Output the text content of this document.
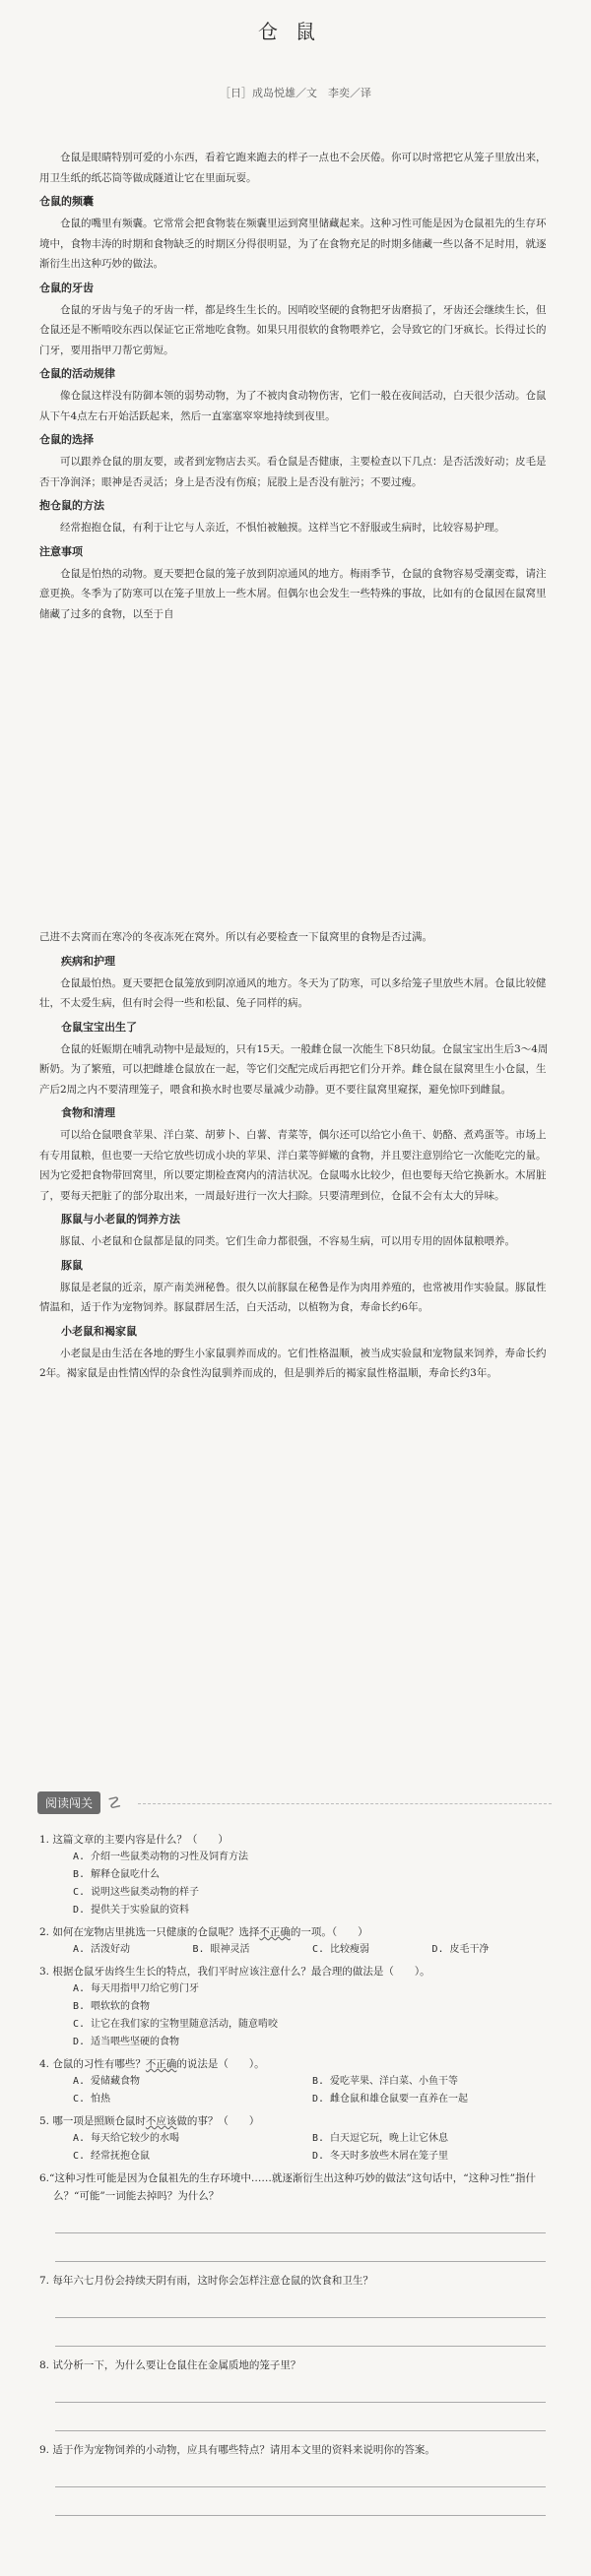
仓鼠
［日］成岛悦雄／文　李奕／译

仓鼠是眼睛特别可爱的小东西，看着它跑来跑去的样子一点也不会厌倦。你可以时常把它从笼子里放出来，用卫生纸的纸芯筒等做成隧道让它在里面玩耍。

仓鼠的频囊

仓鼠的嘴里有频囊。它常常会把食物装在频囊里运到窝里储藏起来。这种习性可能是因为仓鼠祖先的生存环境中，食物丰涛的时期和食物缺乏的时期区分得很明显，为了在食物充足的时期多储藏一些以备不足时用，就逐渐衍生出这种巧妙的做法。

仓鼠的牙齿

仓鼠的牙齿与兔子的牙齿一样，都是终生生长的。因哨咬坚硬的食物把牙齿磨损了，牙齿还会继续生长，但仓鼠还是不断啃咬东西以保证它正常地吃食物。如果只用很软的食物喂养它，会导致它的门牙疯长。长得过长的门牙，要用指甲刀帮它剪短。

仓鼠的活动规律

像仓鼠这样没有防御本领的弱势动物，为了不被肉食动物伤害，它们一般在夜间活动，白天很少活动。仓鼠从下午4点左右开始活跃起来，然后一直塞塞窣窣地持续到夜里。

仓鼠的选择

可以跟养仓鼠的朋友要，或者到宠物店去买。看仓鼠是否健康，主要检查以下几点：是否活泼好动；皮毛是否干净润泽；眼神是否灵活；身上是否没有伤痕；屁股上是否没有脏污；不要过瘦。

抱仓鼠的方法

经常抱抱仓鼠，有利于让它与人亲近，不惧怕被触摸。这样当它不舒服或生病时，比较容易护理。

注意事项

仓鼠是怕热的动物。夏天要把仓鼠的笼子放到阴凉通风的地方。梅雨季节，仓鼠的食物容易受潮变霉，请注意更换。冬季为了防寒可以在笼子里放上一些木屑。但偶尔也会发生一些特殊的事故，比如有的仓鼠因在鼠窝里储藏了过多的食物，以至于自

己进不去窝而在寒冷的冬夜冻死在窝外。所以有必要检查一下鼠窝里的食物是否过满。

疾病和护理

仓鼠最怕热。夏天要把仓鼠笼放到阴凉通风的地方。冬天为了防寒，可以多给笼子里放些木屑。仓鼠比较健壮，不太爱生病，但有时会得一些和松鼠、兔子同样的病。

仓鼠宝宝出生了

仓鼠的妊娠期在哺乳动物中是最短的，只有15天。一般雌仓鼠一次能生下8只幼鼠。仓鼠宝宝出生后3～4周断奶。为了繁殖，可以把雌雄仓鼠放在一起，等它们交配完成后再把它们分开养。雌仓鼠在鼠窝里生小仓鼠，生产后2周之内不要清理笼子，喂食和换水时也要尽量减少动静。更不要往鼠窝里窥探，避免惊吓到雌鼠。

食物和清理

可以给仓鼠喂食苹果、洋白菜、胡萝卜、白薯、青菜等，偶尔还可以给它小鱼干、奶酪、煮鸡蛋等。市场上有专用鼠粮，但也要一天给它放些切成小块的苹果、洋白菜等鲜嫩的食物，并且要注意别给它一次能吃完的量。因为它爱把食物带回窝里，所以要定期检查窝内的清洁状况。仓鼠喝水比较少，但也要每天给它换新水。木屑脏了，要每天把脏了的部分取出来，一周最好进行一次大扫除。只要清理到位，仓鼠不会有太大的异味。

豚鼠与小老鼠的饲养方法

豚鼠、小老鼠和仓鼠都是鼠的同类。它们生命力都很强，不容易生病，可以用专用的固体鼠粮喂养。

豚鼠

豚鼠是老鼠的近亲，原产南美洲秘鲁。很久以前豚鼠在秘鲁是作为肉用养殖的，也常被用作实验鼠。豚鼠性情温和，适于作为宠物饲养。豚鼠群居生活，白天活动，以植物为食，寿命长约6年。

小老鼠和褐家鼠

小老鼠是由生活在各地的野生小家鼠驯养而成的。它们性格温顺，被当成实验鼠和宠物鼠来饲养，寿命长约2年。褐家鼠是由性情凶悍的杂食性沟鼠驯养而成的，但是驯养后的褐家鼠性格温顺，寿命长约3年。

阅读闯关 ☡

1. 这篇文章的主要内容是什么？（　　）

A. 介绍一些鼠类动物的习性及饲育方法
B. 解释仓鼠吃什么
C. 说明这些鼠类动物的样子
D. 提供关于实验鼠的资料

2. 如何在宠物店里挑选一只健康的仓鼠呢？选择不正确的一项。（　　）

A. 活泼好动	B. 眼神灵活	C. 比较瘦弱	D. 皮毛干净

3. 根据仓鼠牙齿终生生长的特点，我们平时应该注意什么？最合理的做法是（　　）。

A. 每天用指甲刀给它剪门牙
B. 喂软软的食物
C. 让它在我们家的宝物里随意活动，随意啃咬
D. 适当喂些坚硬的食物

4. 仓鼠的习性有哪些？不正确的说法是（　　）。

A. 爱储藏食物	B. 爱吃苹果、洋白菜、小鱼干等
C. 怕热	D. 雌仓鼠和雄仓鼠要一直养在一起

5. 哪一项是照顾仓鼠时不应该做的事？（　　）

A. 每天给它较少的水喝	B. 白天逗它玩，晚上让它休息
C. 经常抚抱仓鼠	D. 冬天时多放些木屑在笼子里

6.“这种习性可能是因为仓鼠祖先的生存环境中……就逐渐衍生出这种巧妙的做法”这句话中，“这种习性”指什么？“可能”一词能去掉吗？为什么？

7. 每年六七月份会持续天阴有雨，这时你会怎样注意仓鼠的饮食和卫生？

8. 试分析一下，为什么要让仓鼠住在金属质地的笼子里？

9. 适于作为宠物饲养的小动物，应具有哪些特点？请用本文里的资料来说明你的答案。
